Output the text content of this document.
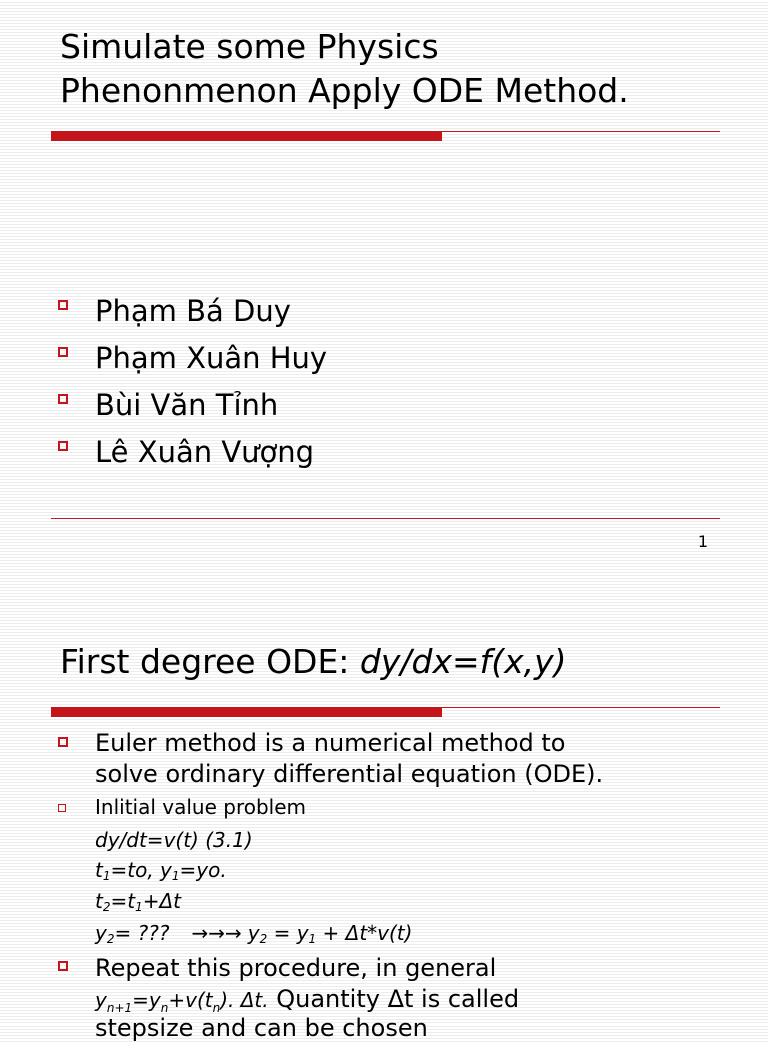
Simulate some Physics
Phenonmenon Apply ODE Method.
Phạm Bá Duy
Phạm Xuân Huy
Bùi Văn Tỉnh
Lê Xuân Vượng
1
First degree ODE: dy/dx=f(x,y)
Euler method is a numerical method to
solve ordinary differential equation (ODE).
Inlitial value problem
dy/dt=v(t) (3.1)
$t_1=to$, $y_1=yo$.
$t_2=t_1+\Delta t$
$y_2=$ ??? →→→ $y_2 = y_1 + \Delta t*v(t)$
Repeat this procedure, in general
$y_{n+1}=y_n+v(t_n)$. Δt. Quantity Δt is called
stepsize and can be chosen
